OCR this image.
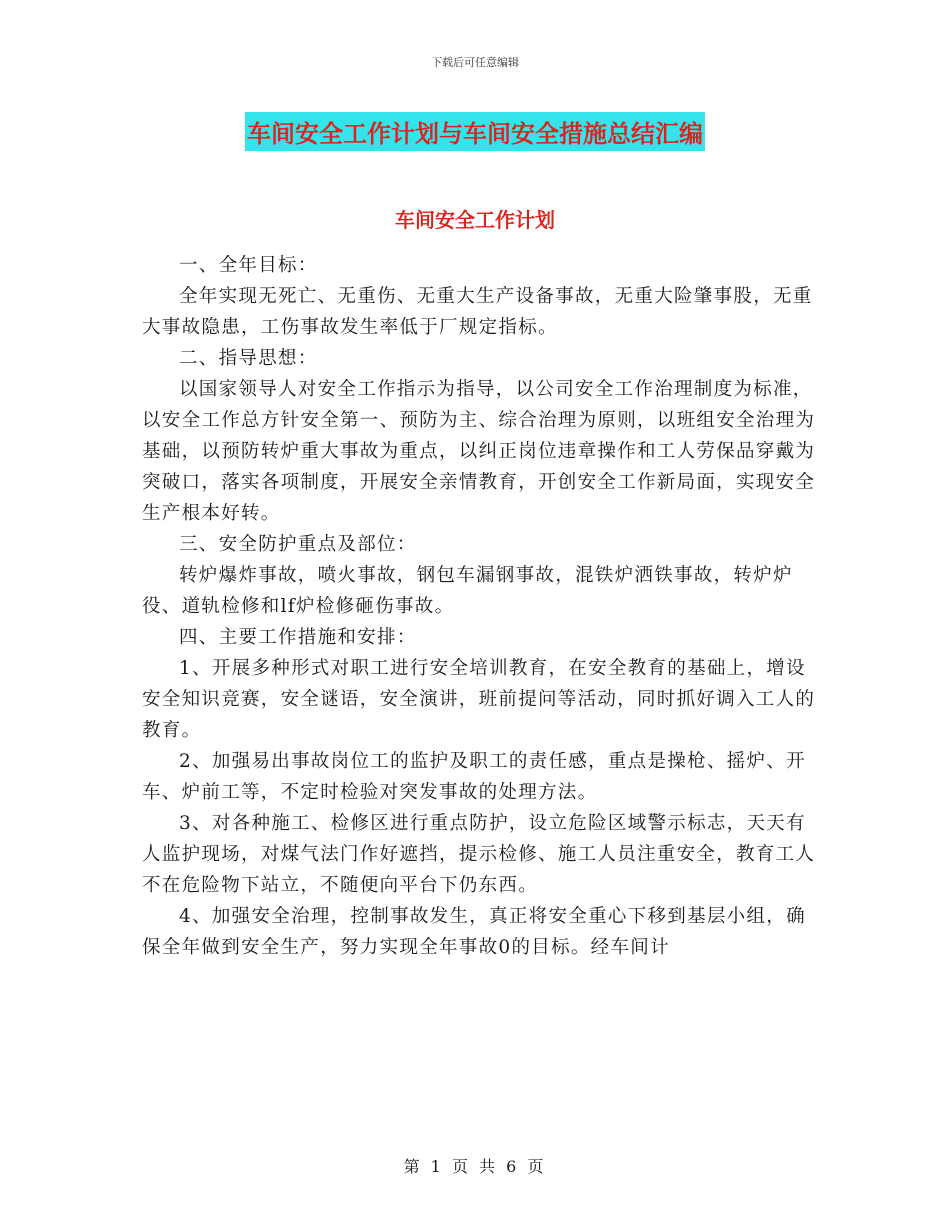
下载后可任意编辑
车间安全工作计划与车间安全措施总结汇编
车间安全工作计划

一、全年目标：

全年实现无死亡、无重伤、无重大生产设备事故，无重大险肇事股，无重大事故隐患，工伤事故发生率低于厂规定指标。

二、指导思想：

以国家领导人对安全工作指示为指导，以公司安全工作治理制度为标准，以安全工作总方针安全第一、预防为主、综合治理为原则，以班组安全治理为基础，以预防转炉重大事故为重点，以纠正岗位违章操作和工人劳保品穿戴为突破口，落实各项制度，开展安全亲情教育，开创安全工作新局面，实现安全生产根本好转。

三、安全防护重点及部位：

转炉爆炸事故，喷火事故，钢包车漏钢事故，混铁炉洒铁事故，转炉炉役、道轨检修和lf炉检修砸伤事故。

四、主要工作措施和安排：

1、开展多种形式对职工进行安全培训教育，在安全教育的基础上，增设安全知识竞赛，安全谜语，安全演讲，班前提问等活动，同时抓好调入工人的教育。

2、加强易出事故岗位工的监护及职工的责任感，重点是操枪、摇炉、开车、炉前工等，不定时检验对突发事故的处理方法。

3、对各种施工、检修区进行重点防护，设立危险区域警示标志，天天有人监护现场，对煤气法门作好遮挡，提示检修、施工人员注重安全，教育工人不在危险物下站立，不随便向平台下仍东西。

4、加强安全治理，控制事故发生，真正将安全重心下移到基层小组，确保全年做到安全生产，努力实现全年事故0的目标。经车间计

第 1 页 共 6 页
